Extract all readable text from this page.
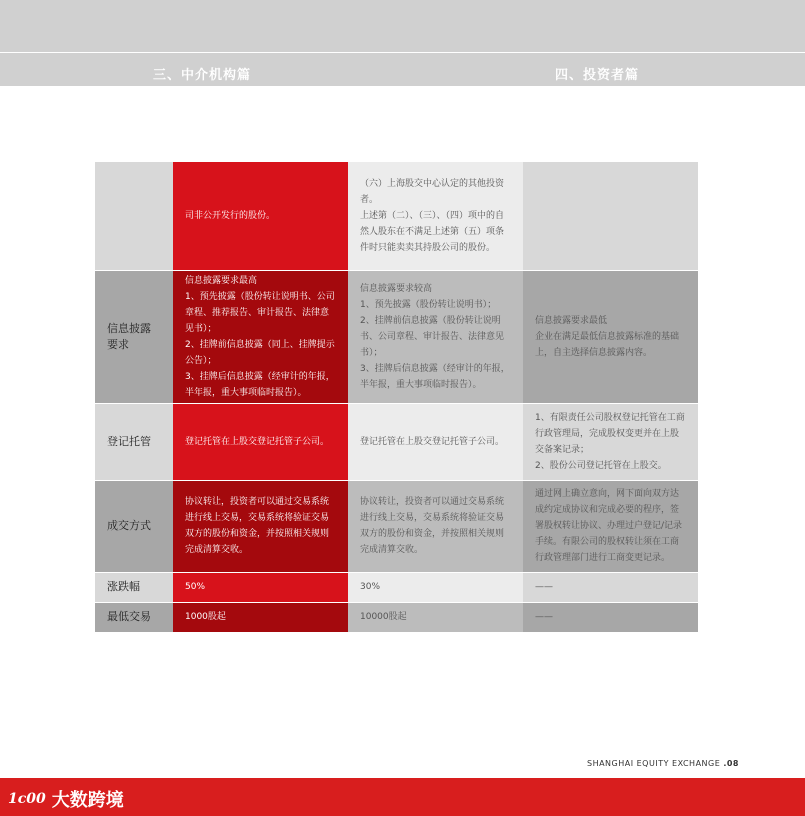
三、中介机构篇	四、投资者篇

	司非公开发行的股份。	（六）上海股交中心认定的其他投资者。
上述第（二）、（三）、（四）项中的自然人股东在不满足上述第（五）项条件时只能卖卖其持股公司的股份。	

信息披露要求	信息披露要求最高
1、预先披露（股份转让说明书、公司章程、推荐报告、审计报告、法律意见书）；
2、挂牌前信息披露（同上、挂牌提示公告）；
3、挂牌后信息披露（经审计的年报，半年报，重大事项临时报告）。	信息披露要求较高
1、预先披露（股份转让说明书）；
2、挂牌前信息披露（股份转让说明书、公司章程、审计报告、法律意见书）；
3、挂牌后信息披露（经审计的年报，半年报，重大事项临时报告）。	信息披露要求最低
企业在满足最低信息披露标准的基础上，自主选择信息披露内容。

登记托管	登记托管在上股交登记托管子公司。	登记托管在上股交登记托管子公司。	1、有限责任公司股权登记托管在工商行政管理局，完成股权变更并在上股交备案记录；
2、股份公司登记托管在上股交。

成交方式	协议转让，投资者可以通过交易系统进行线上交易，交易系统将验证交易双方的股份和资金，并按照相关规则完成清算交收。	协议转让，投资者可以通过交易系统进行线上交易，交易系统将验证交易双方的股份和资金，并按照相关规则完成清算交收。	通过网上确立意向，网下面向双方达成约定成协议和完成必要的程序，签署股权转让协议、办理过户登记/记录手续。有限公司的股权转让须在工商行政管理部门进行工商变更记录。

涨跌幅	50%	30%	——

最低交易	1000股起	10000股起	——
SHANGHAI EQUITY EXCHANGE .08
1c00 大数跨境
